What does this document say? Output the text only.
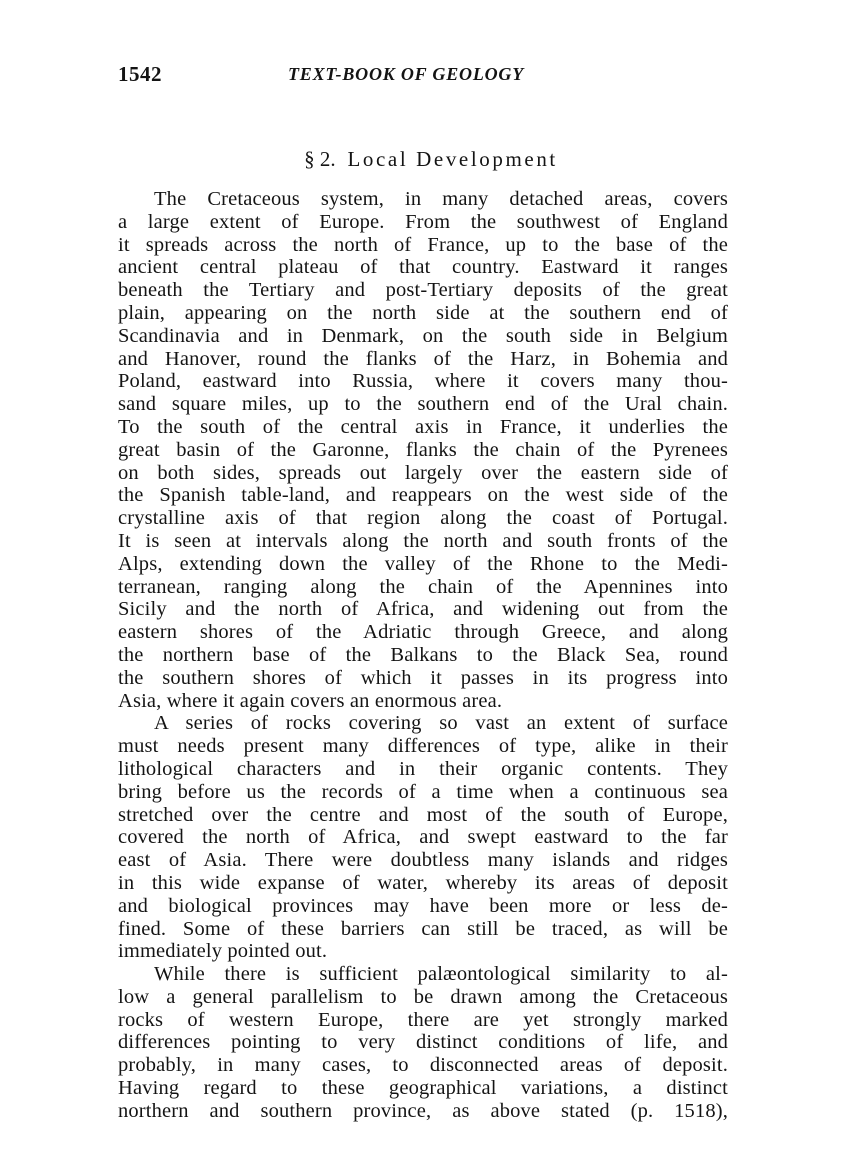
1542	TEXT-BOOK OF GEOLOGY
§ 2. Local Development

The Cretaceous system, in many detached areas, covers
a large extent of Europe. From the southwest of England
it spreads across the north of France, up to the base of the
ancient central plateau of that country. Eastward it ranges
beneath the Tertiary and post-Tertiary deposits of the great
plain, appearing on the north side at the southern end of
Scandinavia and in Denmark, on the south side in Belgium
and Hanover, round the flanks of the Harz, in Bohemia and
Poland, eastward into Russia, where it covers many thou-
sand square miles, up to the southern end of the Ural chain.
To the south of the central axis in France, it underlies the
great basin of the Garonne, flanks the chain of the Pyrenees
on both sides, spreads out largely over the eastern side of
the Spanish table-land, and reappears on the west side of the
crystalline axis of that region along the coast of Portugal.
It is seen at intervals along the north and south fronts of the
Alps, extending down the valley of the Rhone to the Medi-
terranean, ranging along the chain of the Apennines into
Sicily and the north of Africa, and widening out from the
eastern shores of the Adriatic through Greece, and along
the northern base of the Balkans to the Black Sea, round
the southern shores of which it passes in its progress into
Asia, where it again covers an enormous area.

A series of rocks covering so vast an extent of surface
must needs present many differences of type, alike in their
lithological characters and in their organic contents. They
bring before us the records of a time when a continuous sea
stretched over the centre and most of the south of Europe,
covered the north of Africa, and swept eastward to the far
east of Asia. There were doubtless many islands and ridges
in this wide expanse of water, whereby its areas of deposit
and biological provinces may have been more or less de-
fined. Some of these barriers can still be traced, as will be
immediately pointed out.

While there is sufficient palæontological similarity to al-
low a general parallelism to be drawn among the Cretaceous
rocks of western Europe, there are yet strongly marked
differences pointing to very distinct conditions of life, and
probably, in many cases, to disconnected areas of deposit.
Having regard to these geographical variations, a distinct
northern and southern province, as above stated (p. 1518),
